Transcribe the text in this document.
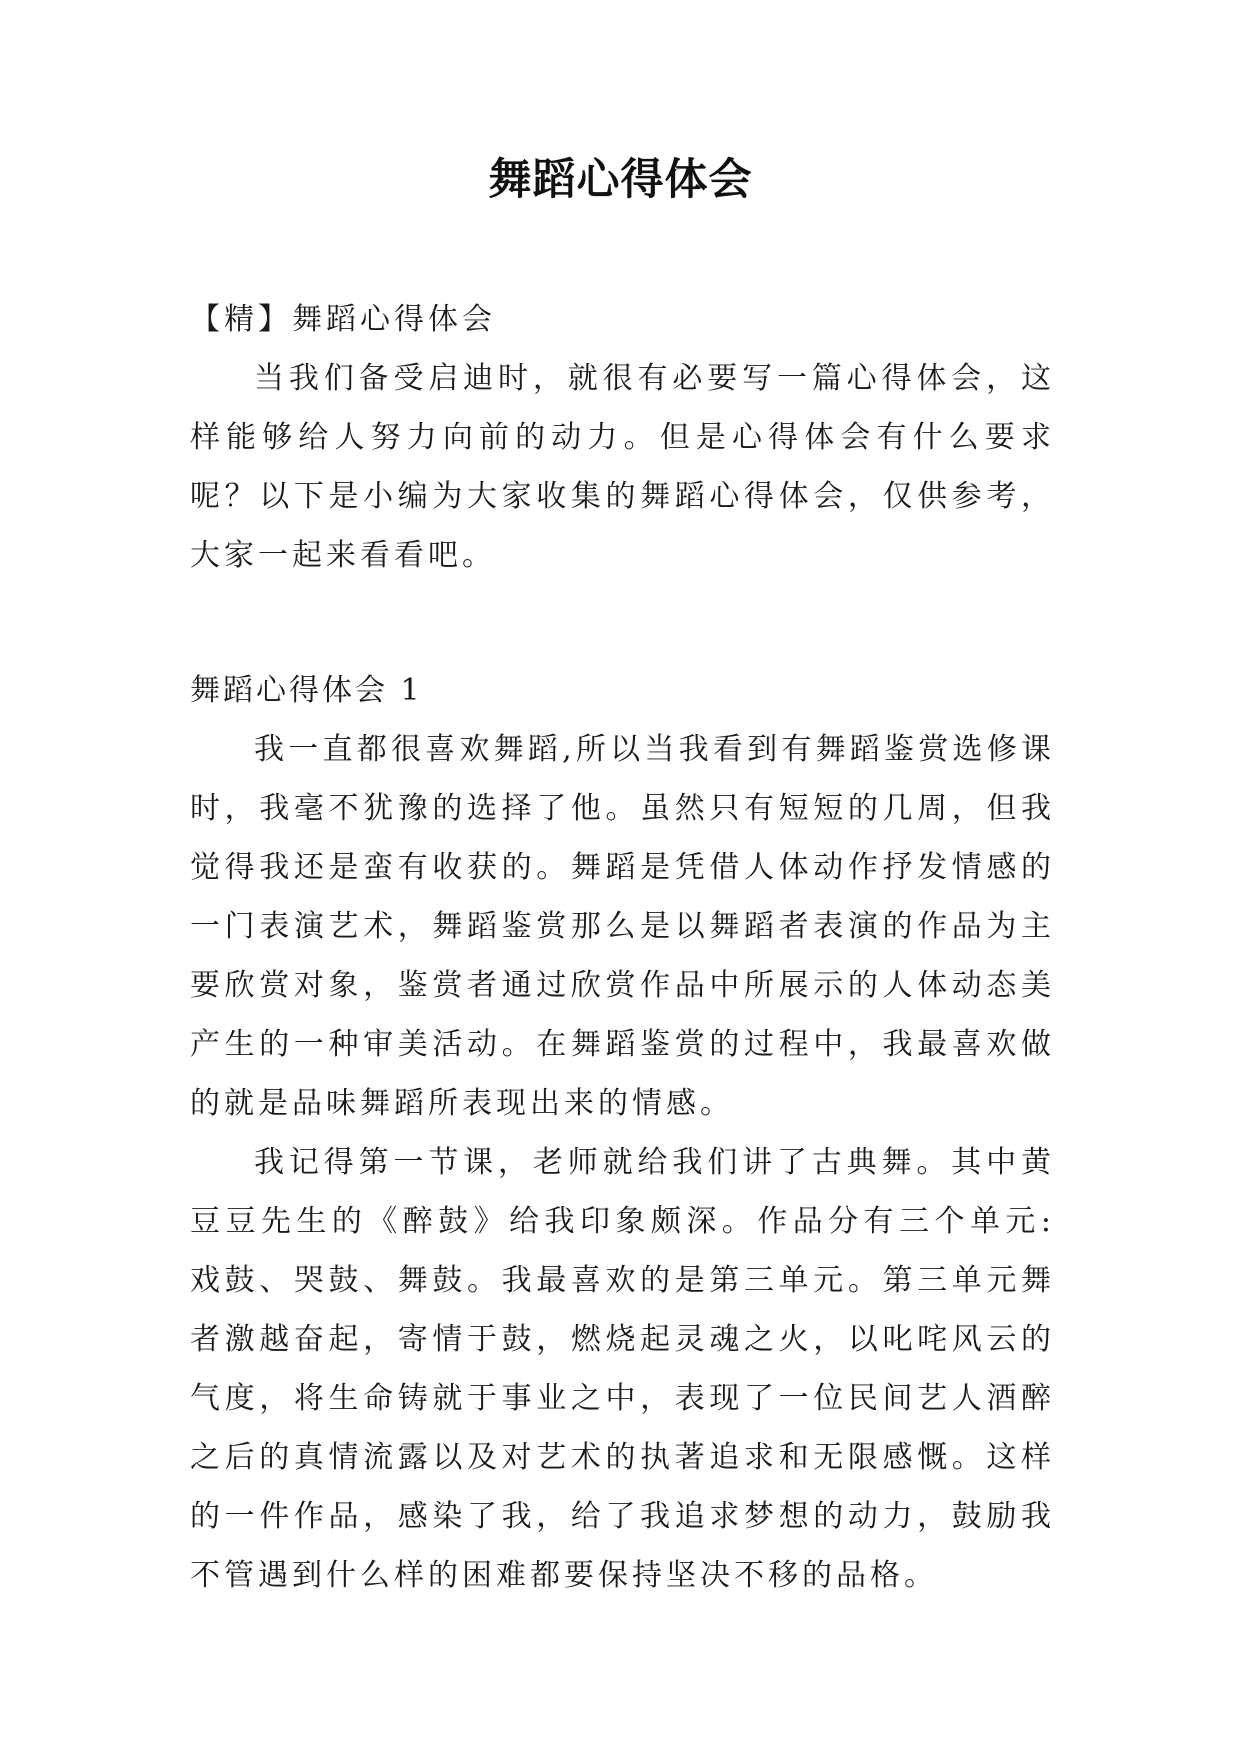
舞蹈心得体会

【精】舞蹈心得体会

当我们备受启迪时，就很有必要写一篇心得体会，这样能够给人努力向前的动力。但是心得体会有什么要求呢？以下是小编为大家收集的舞蹈心得体会，仅供参考，大家一起来看看吧。

舞蹈心得体会 1

我一直都很喜欢舞蹈,所以当我看到有舞蹈鉴赏选修课时，我毫不犹豫的选择了他。虽然只有短短的几周，但我觉得我还是蛮有收获的。舞蹈是凭借人体动作抒发情感的一门表演艺术，舞蹈鉴赏那么是以舞蹈者表演的作品为主要欣赏对象，鉴赏者通过欣赏作品中所展示的人体动态美产生的一种审美活动。在舞蹈鉴赏的过程中，我最喜欢做的就是品味舞蹈所表现出来的情感。

我记得第一节课，老师就给我们讲了古典舞。其中黄豆豆先生的《醉鼓》给我印象颇深。作品分有三个单元: 戏鼓、哭鼓、舞鼓。我最喜欢的是第三单元。第三单元舞者激越奋起，寄情于鼓，燃烧起灵魂之火，以叱咤风云的气度，将生命铸就于事业之中，表现了一位民间艺人酒醉之后的真情流露以及对艺术的执著追求和无限感慨。这样的一件作品，感染了我，给了我追求梦想的动力，鼓励我不管遇到什么样的困难都要保持坚决不移的品格。
